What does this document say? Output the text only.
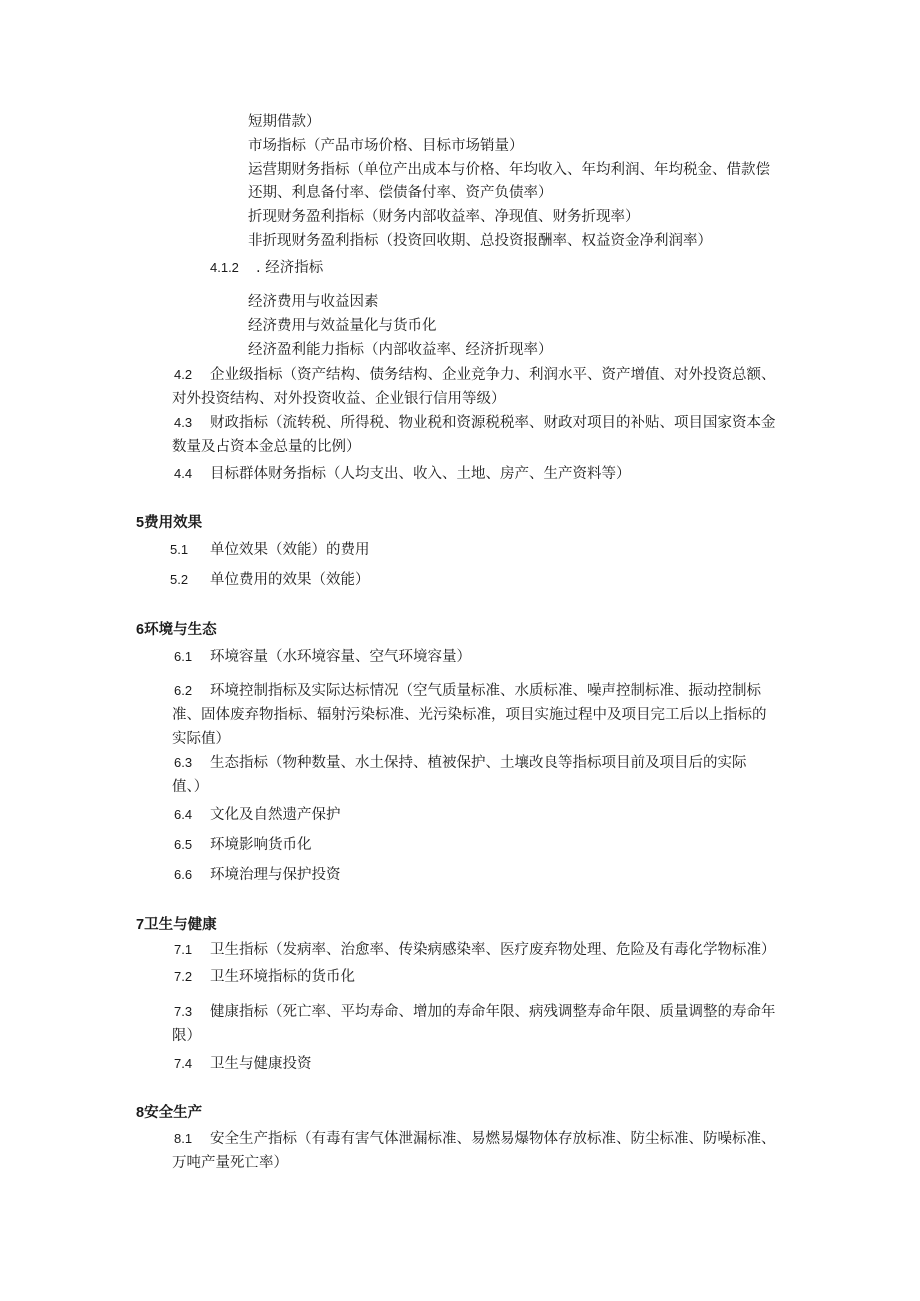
短期借款）
市场指标（产品市场价格、目标市场销量）
运营期财务指标（单位产出成本与价格、年均收入、年均利润、年均税金、借款偿
还期、利息备付率、偿债备付率、资产负债率）
折现财务盈利指标（财务内部收益率、净现值、财务折现率）
非折现财务盈利指标（投资回收期、总投资报酬率、权益资金净利润率）
4.1.2 . 经济指标
经济费用与收益因素
经济费用与效益量化与货币化
经济盈利能力指标（内部收益率、经济折现率）
4.2 企业级指标（资产结构、债务结构、企业竞争力、利润水平、资产增值、对外投资总额、
对外投资结构、对外投资收益、企业银行信用等级）
4.3 财政指标（流转税、所得税、物业税和资源税税率、财政对项目的补贴、项目国家资本金
数量及占资本金总量的比例）
4.4 目标群体财务指标（人均支出、收入、土地、房产、生产资料等）
5费用效果
5.1 单位效果（效能）的费用
5.2 单位费用的效果（效能）
6环境与生态
6.1 环境容量（水环境容量、空气环境容量）
6.2 环境控制指标及实际达标情况（空气质量标准、水质标准、噪声控制标准、振动控制标
准、固体废弃物指标、辐射污染标准、光污染标准，项目实施过程中及项目完工后以上指标的
实际值）
6.3 生态指标（物种数量、水土保持、植被保护、土壤改良等指标项目前及项目后的实际
值、）
6.4 文化及自然遗产保护
6.5 环境影响货币化
6.6 环境治理与保护投资
7卫生与健康
7.1 卫生指标（发病率、治愈率、传染病感染率、医疗废弃物处理、危险及有毒化学物标准）
7.2 卫生环境指标的货币化
7.3 健康指标（死亡率、平均寿命、增加的寿命年限、病残调整寿命年限、质量调整的寿命年
限）
7.4 卫生与健康投资
8安全生产
8.1 安全生产指标（有毒有害气体泄漏标准、易燃易爆物体存放标准、防尘标准、防噪标准、
万吨产量死亡率）
